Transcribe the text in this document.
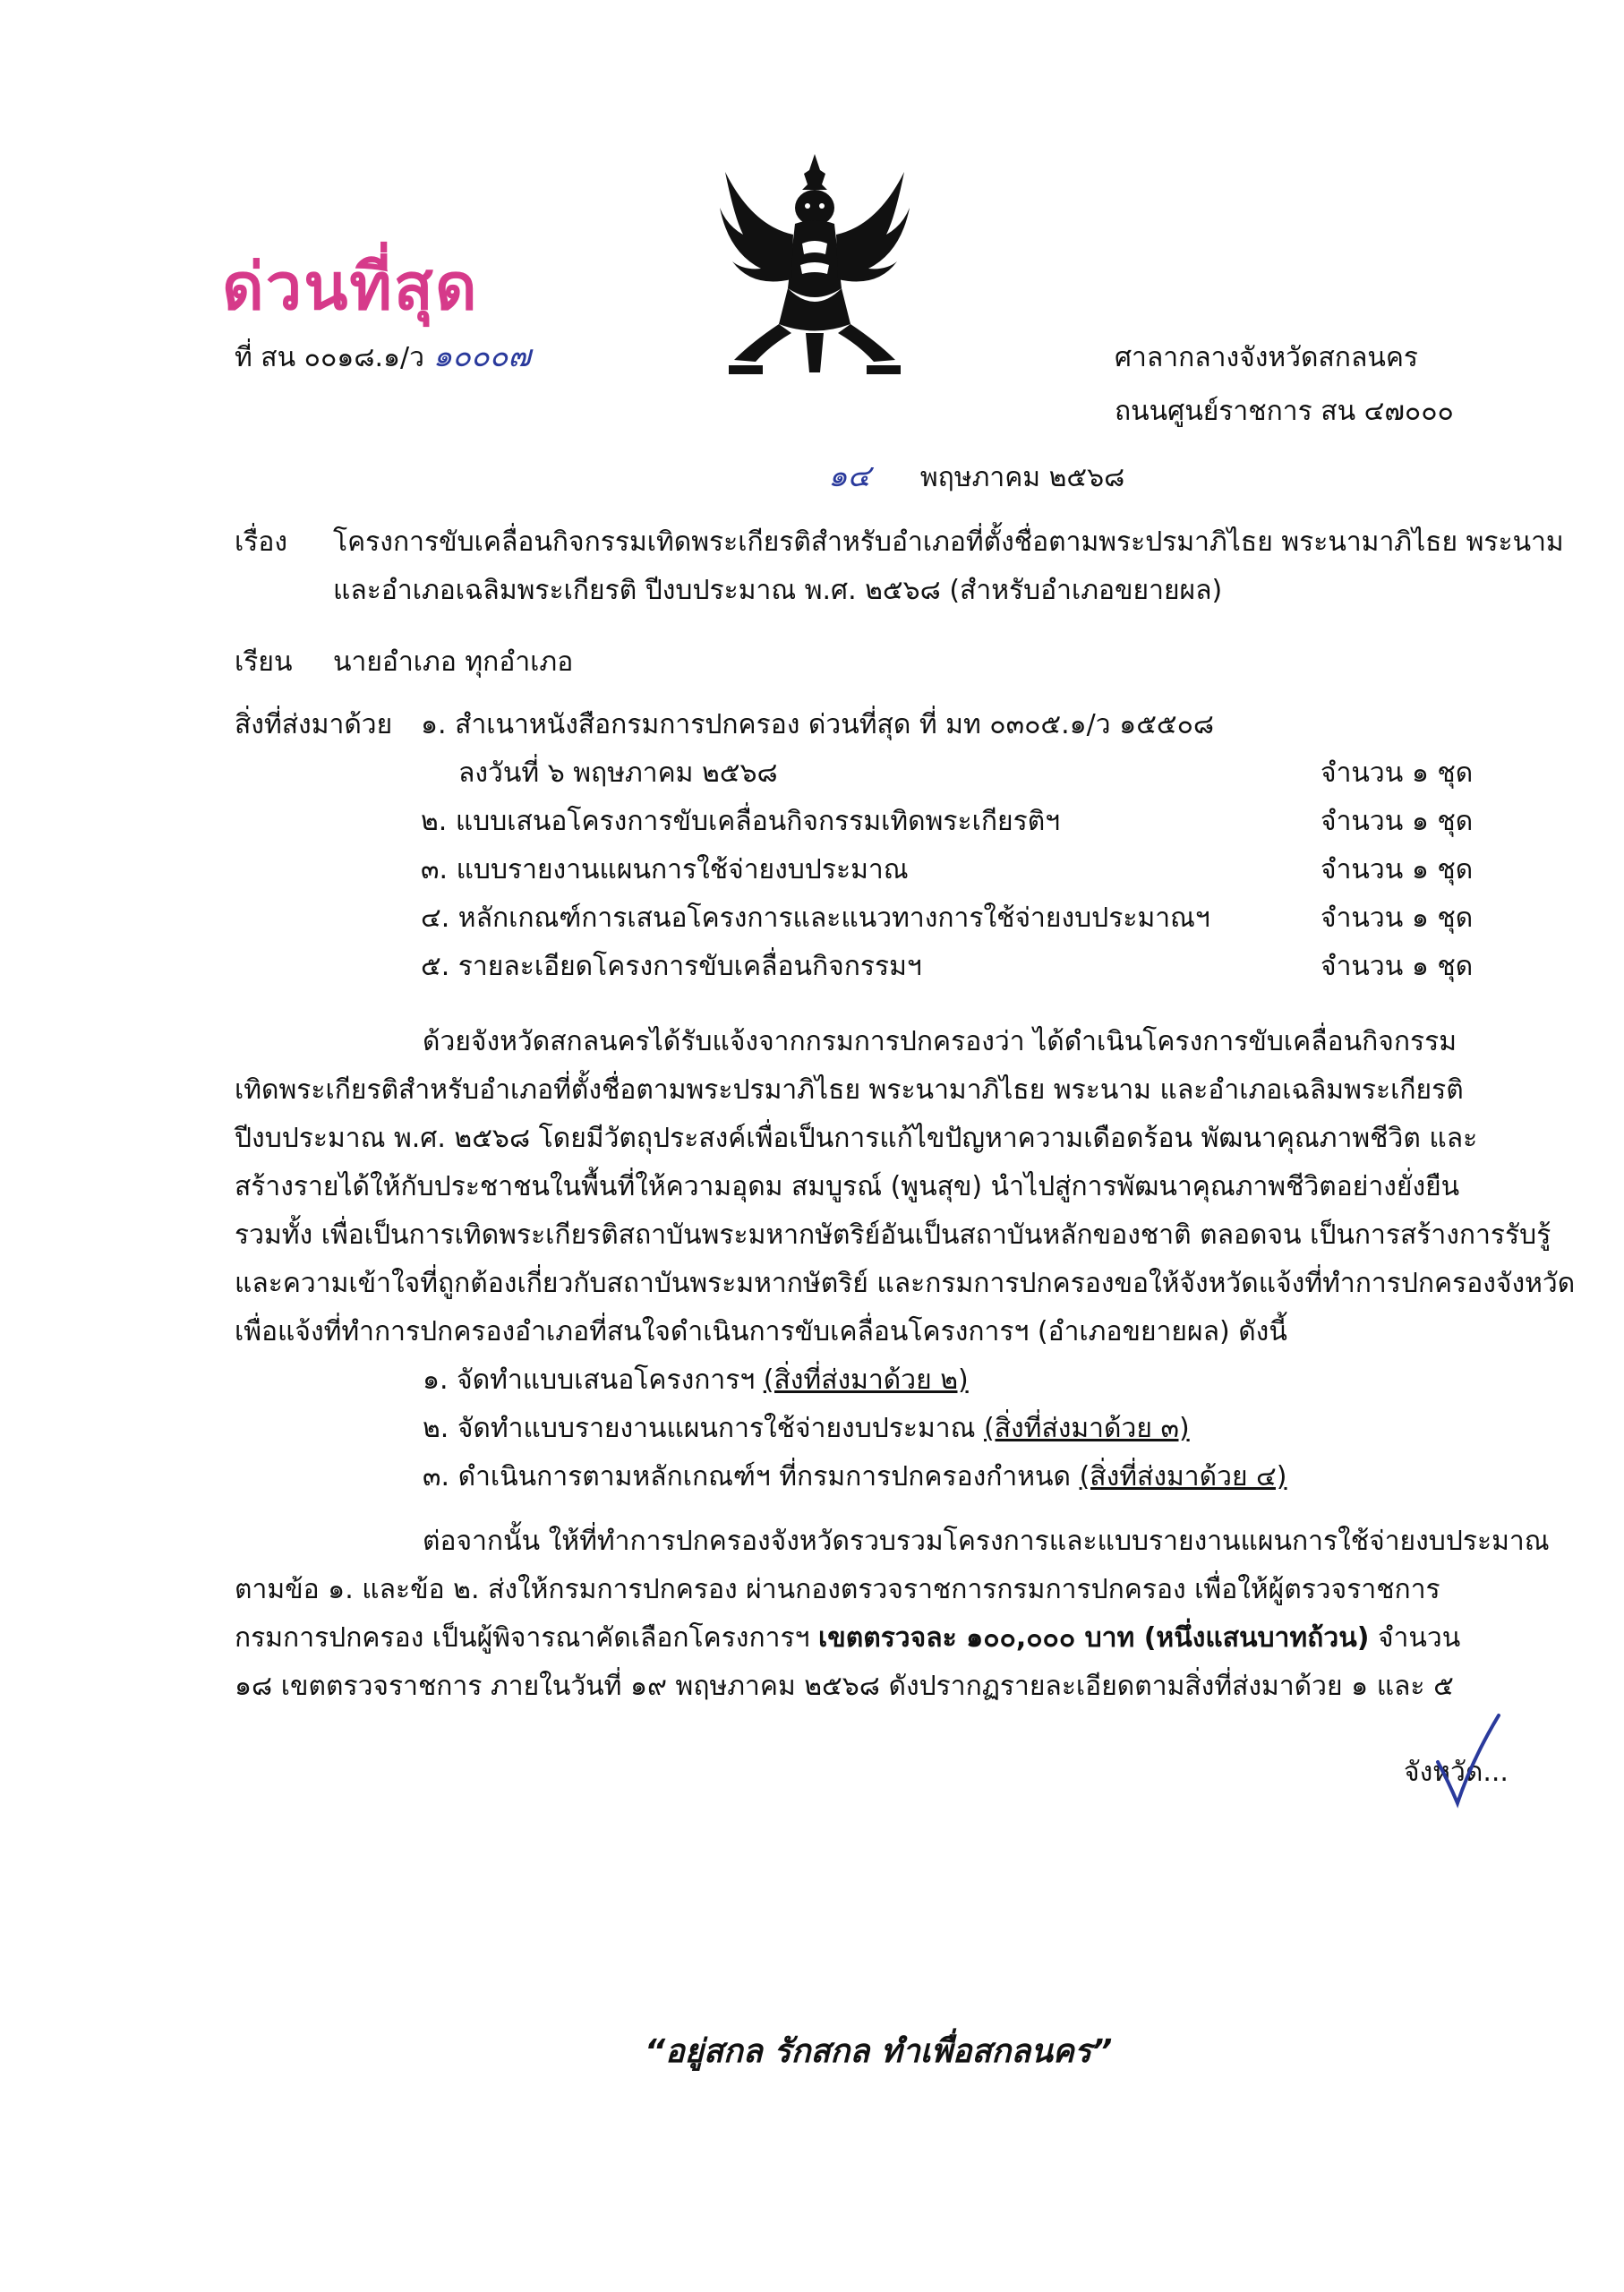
ด่วนที่สุด
ที่ สน ๐๐๑๘.๑/ว ๑๐๐๐๗	ศาลากลางจังหวัดสกลนคร
ถนนศูนย์ราชการ สน ๔๗๐๐๐
๑๔ พฤษภาคม ๒๕๖๘
เรื่อง โครงการขับเคลื่อนกิจกรรมเทิดพระเกียรติสำหรับอำเภอที่ตั้งชื่อตามพระปรมาภิไธย พระนามาภิไธย พระนาม
และอำเภอเฉลิมพระเกียรติ ปีงบประมาณ พ.ศ. ๒๕๖๘ (สำหรับอำเภอขยายผล)
เรียน นายอำเภอ ทุกอำเภอ
สิ่งที่ส่งมาด้วย ๑. สำเนาหนังสือกรมการปกครอง ด่วนที่สุด ที่ มท ๐๓๐๕.๑/ว ๑๕๕๐๘
ลงวันที่ ๖ พฤษภาคม ๒๕๖๘	จำนวน ๑ ชุด
๒. แบบเสนอโครงการขับเคลื่อนกิจกรรมเทิดพระเกียรติฯ	จำนวน ๑ ชุด
๓. แบบรายงานแผนการใช้จ่ายงบประมาณ	จำนวน ๑ ชุด
๔. หลักเกณฑ์การเสนอโครงการและแนวทางการใช้จ่ายงบประมาณฯ	จำนวน ๑ ชุด
๕. รายละเอียดโครงการขับเคลื่อนกิจกรรมฯ	จำนวน ๑ ชุด
ด้วยจังหวัดสกลนครได้รับแจ้งจากกรมการปกครองว่า ได้ดำเนินโครงการขับเคลื่อนกิจกรรม
เทิดพระเกียรติสำหรับอำเภอที่ตั้งชื่อตามพระปรมาภิไธย พระนามาภิไธย พระนาม และอำเภอเฉลิมพระเกียรติ
ปีงบประมาณ พ.ศ. ๒๕๖๘ โดยมีวัตถุประสงค์เพื่อเป็นการแก้ไขปัญหาความเดือดร้อน พัฒนาคุณภาพชีวิต และ
สร้างรายได้ให้กับประชาชนในพื้นที่ให้ความอุดม สมบูรณ์ (พูนสุข) นำไปสู่การพัฒนาคุณภาพชีวิตอย่างยั่งยืน
รวมทั้ง เพื่อเป็นการเทิดพระเกียรติสถาบันพระมหากษัตริย์อันเป็นสถาบันหลักของชาติ ตลอดจน เป็นการสร้างการรับรู้
และความเข้าใจที่ถูกต้องเกี่ยวกับสถาบันพระมหากษัตริย์ และกรมการปกครองขอให้จังหวัดแจ้งที่ทำการปกครองจังหวัด
เพื่อแจ้งที่ทำการปกครองอำเภอที่สนใจดำเนินการขับเคลื่อนโครงการฯ (อำเภอขยายผล) ดังนี้
๑. จัดทำแบบเสนอโครงการฯ (สิ่งที่ส่งมาด้วย ๒)
๒. จัดทำแบบรายงานแผนการใช้จ่ายงบประมาณ (สิ่งที่ส่งมาด้วย ๓)
๓. ดำเนินการตามหลักเกณฑ์ฯ ที่กรมการปกครองกำหนด (สิ่งที่ส่งมาด้วย ๔)
ต่อจากนั้น ให้ที่ทำการปกครองจังหวัดรวบรวมโครงการและแบบรายงานแผนการใช้จ่ายงบประมาณ
ตามข้อ ๑. และข้อ ๒. ส่งให้กรมการปกครอง ผ่านกองตรวจราชการกรมการปกครอง เพื่อให้ผู้ตรวจราชการ
กรมการปกครอง เป็นผู้พิจารณาคัดเลือกโครงการฯ เขตตรวจละ ๑๐๐,๐๐๐ บาท (หนึ่งแสนบาทถ้วน) จำนวน
๑๘ เขตตรวจราชการ ภายในวันที่ ๑๙ พฤษภาคม ๒๕๖๘ ดังปรากฏรายละเอียดตามสิ่งที่ส่งมาด้วย ๑ และ ๕
จังหวัด...
“อยู่สกล รักสกล ทำเพื่อสกลนคร”
